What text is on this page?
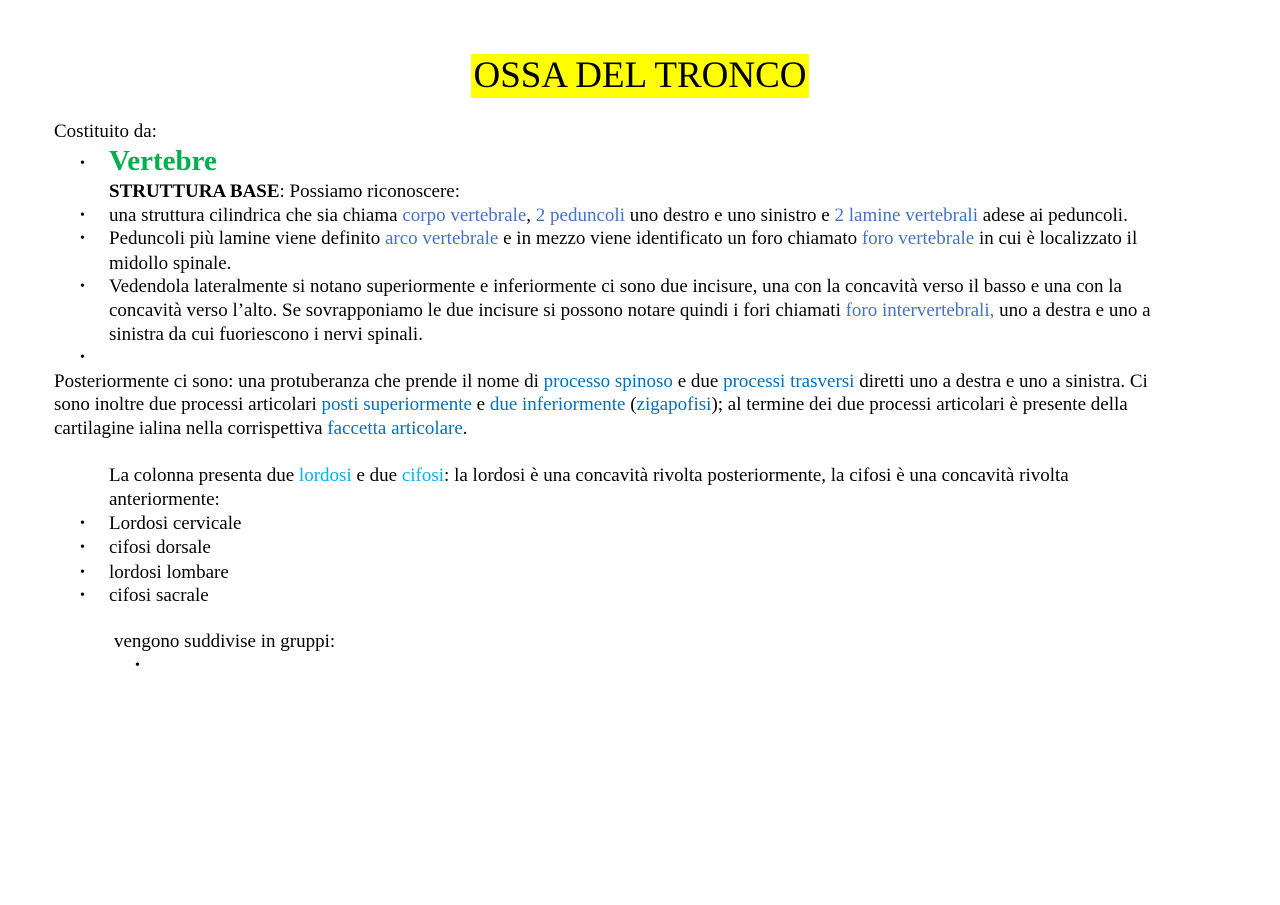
OSSA DEL TRONCO
Costituito da:
• Vertebre
STRUTTURA BASE: Possiamo riconoscere:
•	una struttura cilindrica che sia chiama corpo vertebrale, 2 peduncoli uno destro e uno sinistro e 2 lamine vertebrali adese ai peduncoli.
•	Peduncoli più lamine viene definito arco vertebrale e in mezzo viene identificato un foro chiamato foro vertebrale in cui è localizzato il
midollo spinale.
•	Vedendola lateralmente si notano superiormente e inferiormente ci sono due incisure, una con la concavità verso il basso e una con la
concavità verso l’alto. Se sovrapponiamo le due incisure si possono notare quindi i fori chiamati foro intervertebrali, uno a destra e uno a
sinistra da cui fuoriescono i nervi spinali.
•
Posteriormente ci sono: una protuberanza che prende il nome di processo spinoso e due processi trasversi diretti uno a destra e uno a sinistra. Ci
sono inoltre due processi articolari posti superiormente e due inferiormente (zigapofisi); al termine dei due processi articolari è presente della
cartilagine ialina nella corrispettiva faccetta articolare.
La colonna presenta due lordosi e due cifosi: la lordosi è una concavità rivolta posteriormente, la cifosi è una concavità rivolta
anteriormente:
•	Lordosi cervicale
•	cifosi dorsale
•	lordosi lombare
•	cifosi sacrale
vengono suddivise in gruppi:
•
